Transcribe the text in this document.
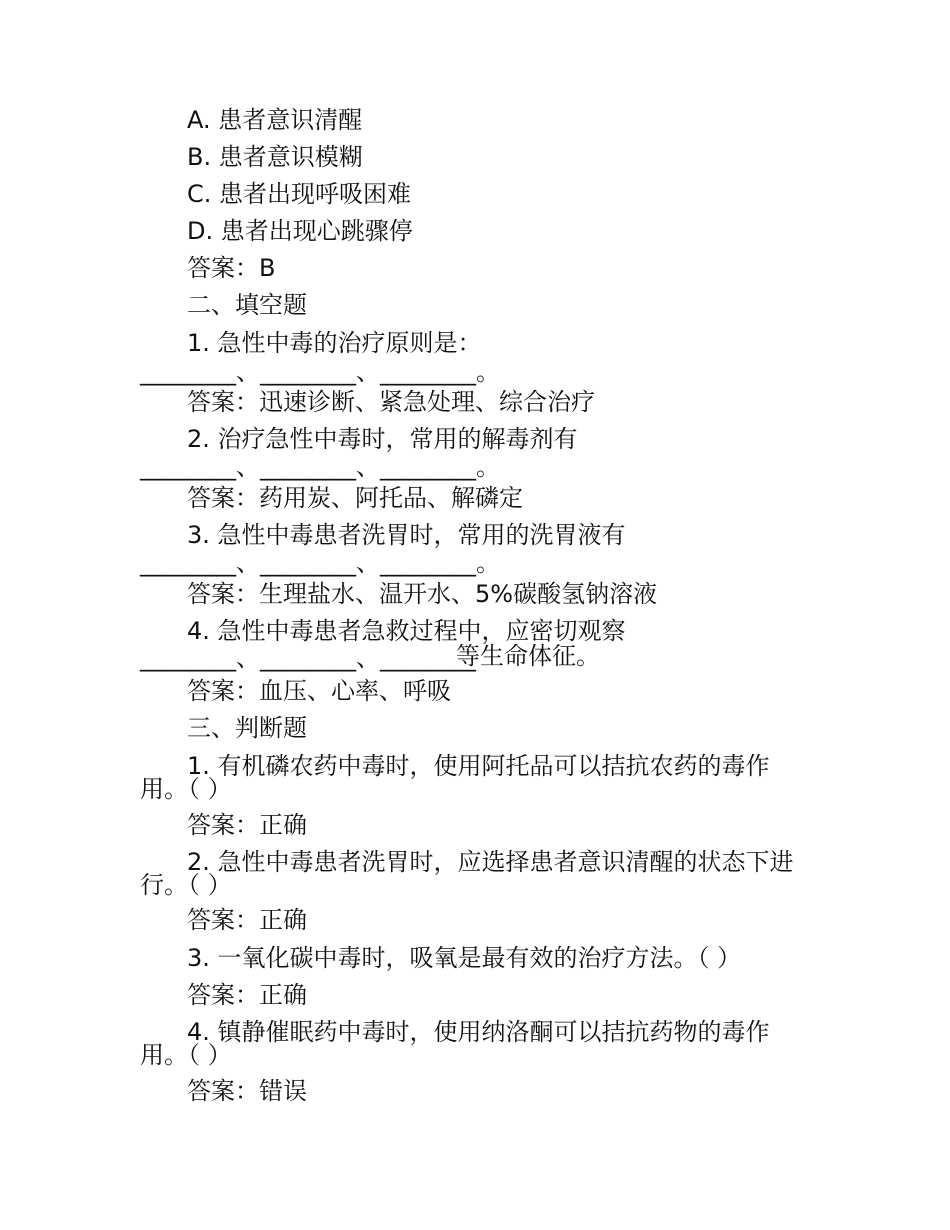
A. 患者意识清醒
B. 患者意识模糊
C. 患者出现呼吸困难
D. 患者出现心跳骤停
答案：B
二、填空题
1. 急性中毒的治疗原则是：
________、________、________。
答案：迅速诊断、紧急处理、综合治疗
2. 治疗急性中毒时，常用的解毒剂有
________、________、________。
答案：药用炭、阿托品、解磷定
3. 急性中毒患者洗胃时，常用的洗胃液有
________、________、________。
答案：生理盐水、温开水、5%碳酸氢钠溶液
4. 急性中毒患者急救过程中，应密切观察
________、________、________
等生命体征。
答案：血压、心率、呼吸
三、判断题
1. 有机磷农药中毒时，使用阿托品可以拮抗农药的毒作
用。（ ）
答案：正确
2. 急性中毒患者洗胃时，应选择患者意识清醒的状态下进
行。（ ）
答案：正确
3. 一氧化碳中毒时，吸氧是最有效的治疗方法。（ ）
答案：正确
4. 镇静催眠药中毒时，使用纳洛酮可以拮抗药物的毒作
用。（ ）
答案：错误
